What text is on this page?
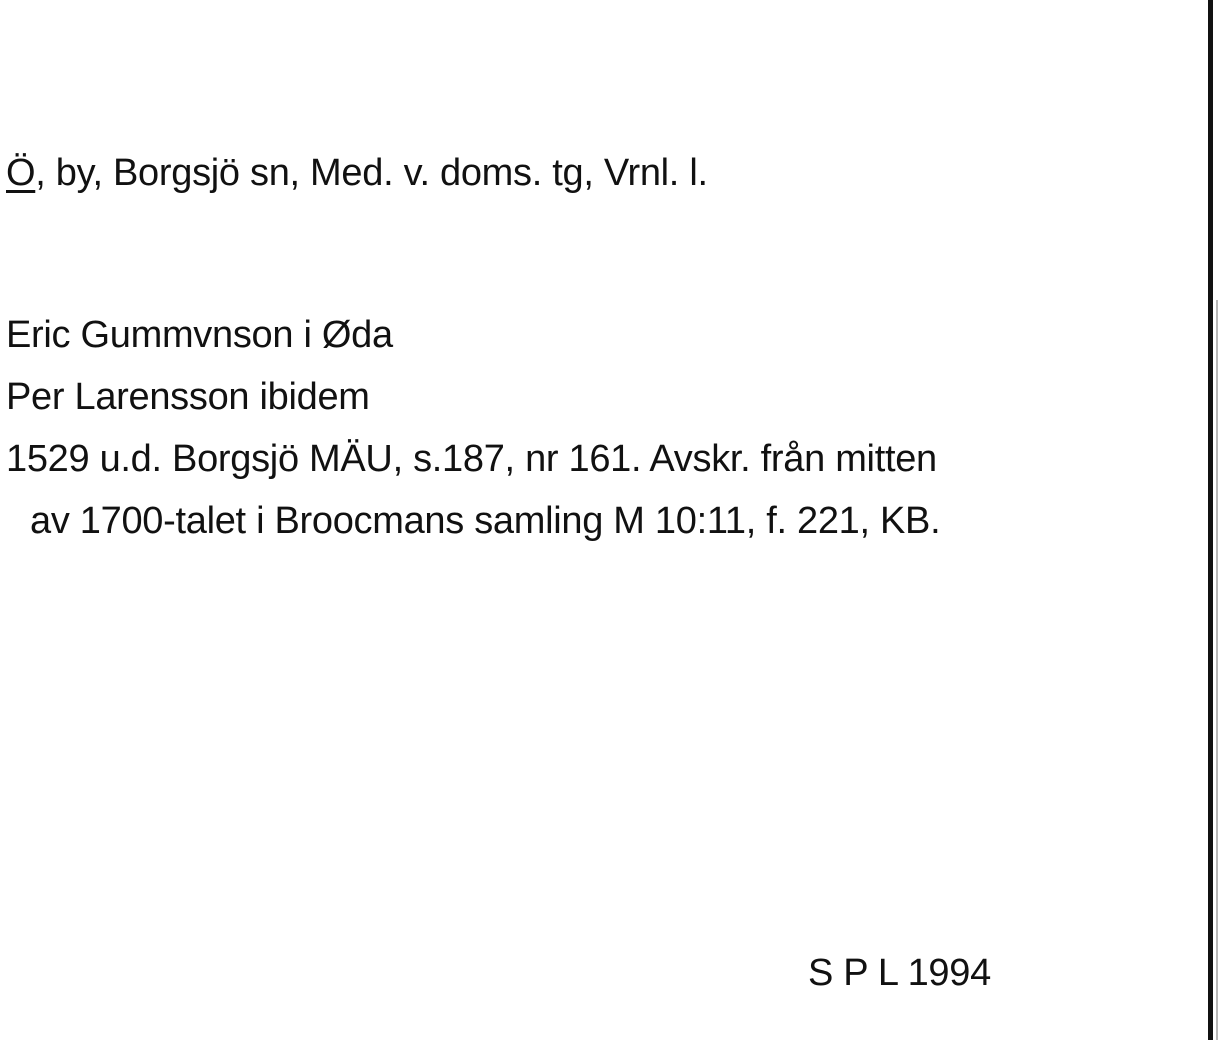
Ö, by, Borgsjö sn, Med. v. doms. tg, Vrnl. l.

Eric Gummvnson i Øda

Per Larensson ibidem

1529 u.d. Borgsjö MÄU, s.187, nr 161. Avskr. från mitten

av 1700-talet i Broocmans samling M 10:11, f. 221, KB.

S P L 1994
